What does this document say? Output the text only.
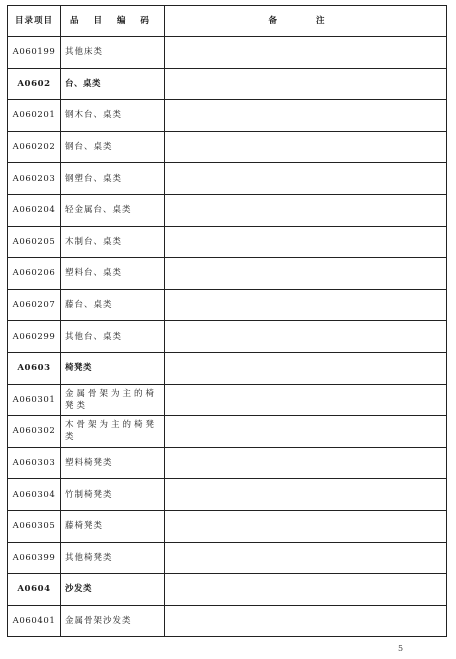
目录项目	品 目 编 码	备 注
A060199	其他床类	
A0602	台、桌类	
A060201	钢木台、桌类	
A060202	钢台、桌类	
A060203	钢塑台、桌类	
A060204	轻金属台、桌类	
A060205	木制台、桌类	
A060206	塑料台、桌类	
A060207	藤台、桌类	
A060299	其他台、桌类	
A0603	椅凳类	
A060301	金属骨架为主的椅凳类	
A060302	木骨架为主的椅凳类	
A060303	塑料椅凳类	
A060304	竹制椅凳类	
A060305	藤椅凳类	
A060399	其他椅凳类	
A0604	沙发类	
A060401	金属骨架沙发类	
5
